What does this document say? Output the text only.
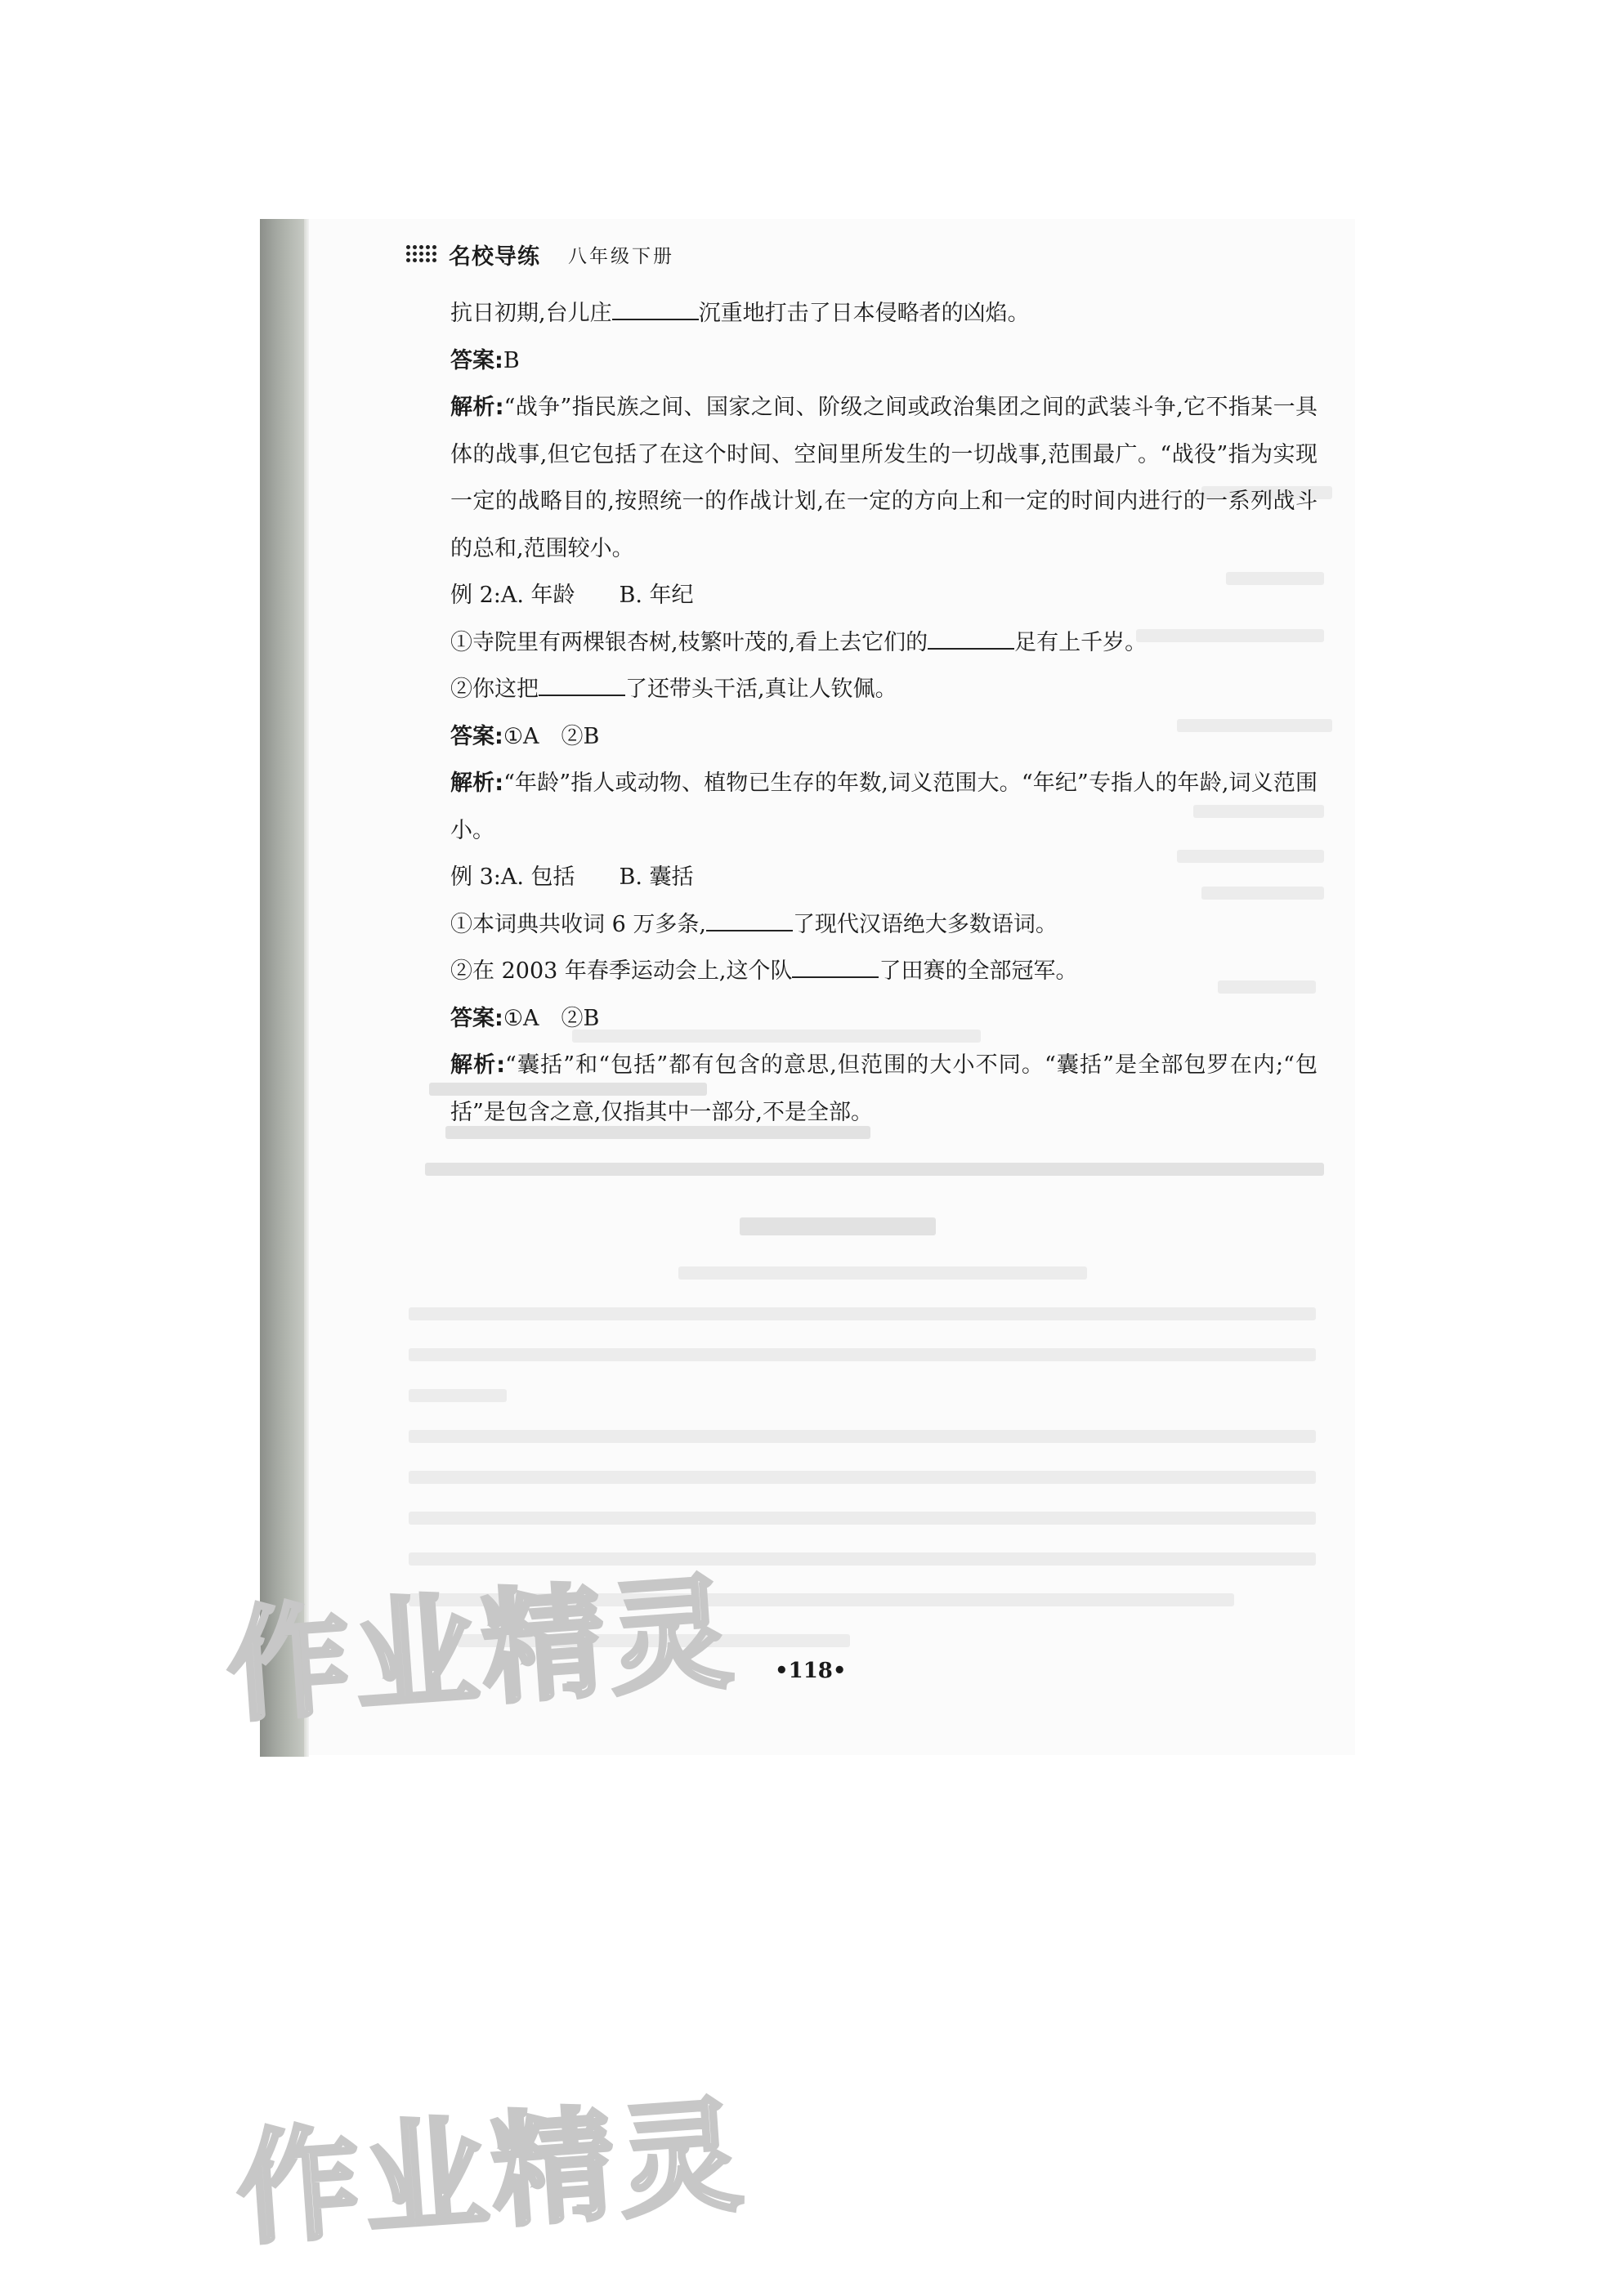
名校导练 八年级下册

抗日初期,台儿庄	沉重地打击了日本侵略者的凶焰。

答案:B

解析:“战争”指民族之间、国家之间、阶级之间或政治集团之间的武装斗争,它不指某一具体的战事,但它包括了在这个时间、空间里所发生的一切战事,范围最广。“战役”指为实现一定的战略目的,按照统一的作战计划,在一定的方向上和一定的时间内进行的一系列战斗的总和,范围较小。

例 2:A. 年龄　　B. 年纪

①寺院里有两棵银杏树,枝繁叶茂的,看上去它们的	足有上千岁。

②你这把	了还带头干活,真让人钦佩。

答案:①A　②B

解析:“年龄”指人或动物、植物已生存的年数,词义范围大。“年纪”专指人的年龄,词义范围小。

例 3:A. 包括　　B. 囊括

①本词典共收词 6 万多条,	了现代汉语绝大多数语词。

②在 2003 年春季运动会上,这个队	了田赛的全部冠军。

答案:①A　②B

解析:“囊括”和“包括”都有包含的意思,但范围的大小不同。“囊括”是全部包罗在内;“包括”是包含之意,仅指其中一部分,不是全部。

•118•
作业精灵
作业精灵
